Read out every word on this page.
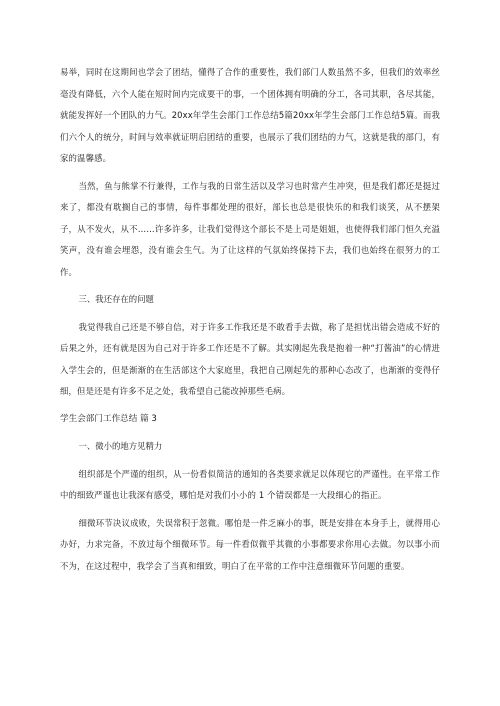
易举，同时在这期间也学会了团结，懂得了合作的重要性，我们部门人数虽然不多，但我们的效率丝毫没有降低，六个人能在短时间内完成要干的事，一个团体拥有明确的分工，各司其职，各尽其能，就能发挥好一个团队的力气。20xx年学生会部门工作总结5篇20xx年学生会部门工作总结5篇。而我们六个人的统分，时间与效率就证明启团结的重要，也展示了我们团结的力气，这就是我的部门，有家的温馨感。

当然，鱼与熊掌不行兼得，工作与我的日常生活以及学习也时常产生冲突，但是我们都还是挺过来了，都没有耽搁自己的事情，每件事都处理的很好，部长也总是很快乐的和我们谈笑，从不摆架子，从不发火，从不……许多许多，让我们觉得这个部长不是上司是姐姐，也使得我们部门恒久充溢笑声，没有谁会埋怨，没有谁会生气。为了让这样的气氛始终保持下去，我们也始终在很努力的工作。

三、我还存在的问题

我觉得我自己还是不够自信，对于许多工作我还是不敢看手去做，称了是担忧出错会造成不好的后果之外，还有就是因为自己对于许多工作还是不了解。其实刚起先我是抱着一种“打酱油”的心情进入学生会的，但是渐渐的在生活部这个大家庭里，我把自己刚起先的那种心态改了，也渐渐的变得仔细，但是还是有许多不足之处，我希望自己能改掉那些毛病。

学生会部门工作总结 篇 3

一、微小的地方见精力

组织部是个严谨的组织，从一份看似简洁的通知的各类要求就足以体现它的严谨性。在平常工作中的细致严谨也让我深有感受，哪怕是对我们小小的 1 个错误都是一大段细心的指正。

细微环节决议成败，失误常积于忽微。哪怕是一件乏麻小的事，既是安排在本身手上，就得用心办好，力求完备，不放过每个细微环节。每一件看似微乎其微的小事都要求你用心去做。勿以事小而不为，在这过程中，我学会了当真和细致，明白了在平常的工作中注意细微环节问题的重要。
